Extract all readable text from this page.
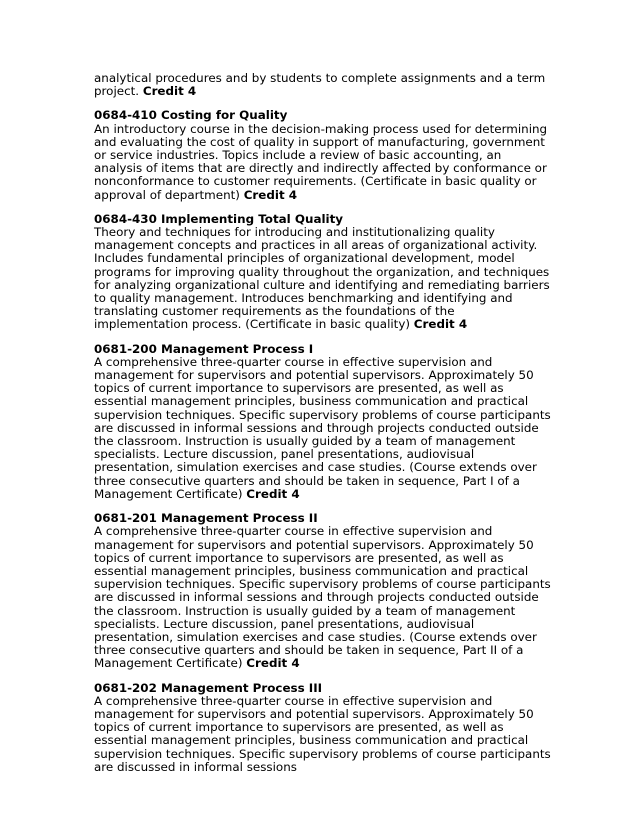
analytical procedures and by students to complete assignments and a term project. Credit 4
0684-410 Costing for Quality
An introductory course in the decision-making process used for determining and evaluating the cost of quality in support of manufacturing, government or service industries. Topics include a review of basic accounting, an analysis of items that are directly and indirectly affected by conformance or nonconformance to customer requirements. (Certificate in basic quality or approval of department) Credit 4
0684-430 Implementing Total Quality
Theory and techniques for introducing and institutionalizing quality management concepts and practices in all areas of organizational activity. Includes fundamental principles of organizational development, model programs for improving quality throughout the organization, and techniques for analyzing organizational culture and identifying and remediating barriers to quality management. Introduces benchmarking and identifying and translating customer requirements as the foundations of the implementation process. (Certificate in basic quality) Credit 4
0681-200 Management Process I
A comprehensive three-quarter course in effective supervision and management for supervisors and potential supervisors. Approximately 50 topics of current importance to supervisors are presented, as well as essential management principles, business communication and practical supervision techniques. Specific supervisory problems of course participants are discussed in informal sessions and through projects conducted outside the classroom. Instruction is usually guided by a team of management specialists. Lecture discussion, panel presentations, audiovisual presentation, simulation exercises and case studies. (Course extends over three consecutive quarters and should be taken in sequence, Part I of a Management Certificate) Credit 4
0681-201 Management Process II
A comprehensive three-quarter course in effective supervision and management for supervisors and potential supervisors. Approximately 50 topics of current importance to supervisors are presented, as well as essential management principles, business communication and practical supervision techniques. Specific supervisory problems of course participants are discussed in informal sessions and through projects conducted outside the classroom. Instruction is usually guided by a team of management specialists. Lecture discussion, panel presentations, audiovisual presentation, simulation exercises and case studies. (Course extends over three consecutive quarters and should be taken in sequence, Part II of a Management Certificate) Credit 4
0681-202 Management Process III
A comprehensive three-quarter course in effective supervision and management for supervisors and potential supervisors. Approximately 50 topics of current importance to supervisors are presented, as well as essential management principles, business communication and practical supervision techniques. Specific supervisory problems of course participants are discussed in informal sessions
